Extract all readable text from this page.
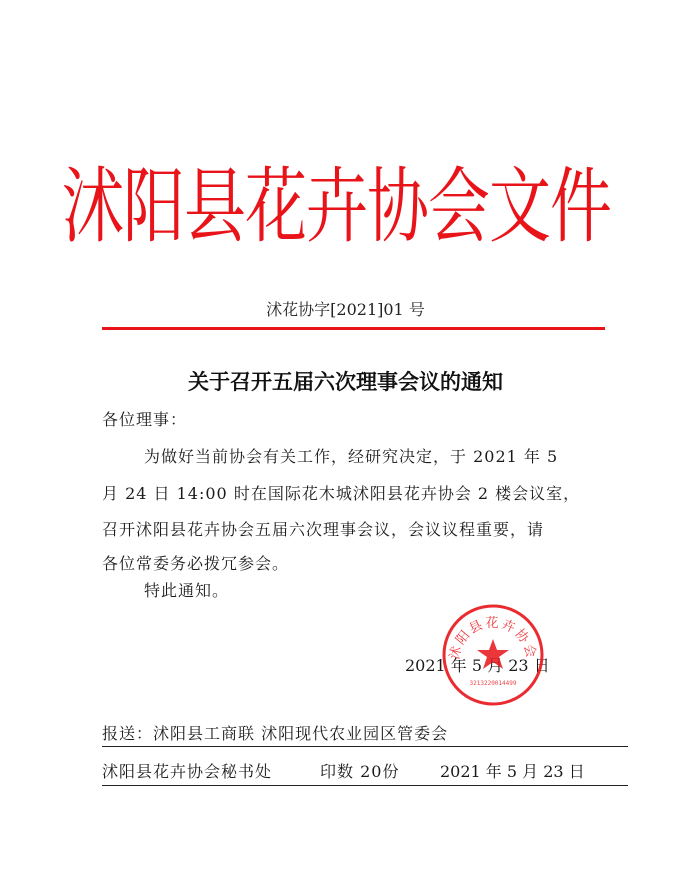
沭阳县花卉协会文件
沭花协字[2021]01 号
关于召开五届六次理事会议的通知
各位理事：
为做好当前协会有关工作，经研究决定，于 2021 年 5
月 24 日 14:00 时在国际花木城沭阳县花卉协会 2 楼会议室，
召开沭阳县花卉协会五届六次理事会议，会议议程重要，请
各位常委务必拨冗参会。
特此通知。
2021 年 5 月 23 日
沭阳县花卉协会
3213220014499
报送：沭阳县工商联 沭阳现代农业园区管委会
沭阳县花卉协会秘书处	印数 20份	2021 年 5 月 23 日
